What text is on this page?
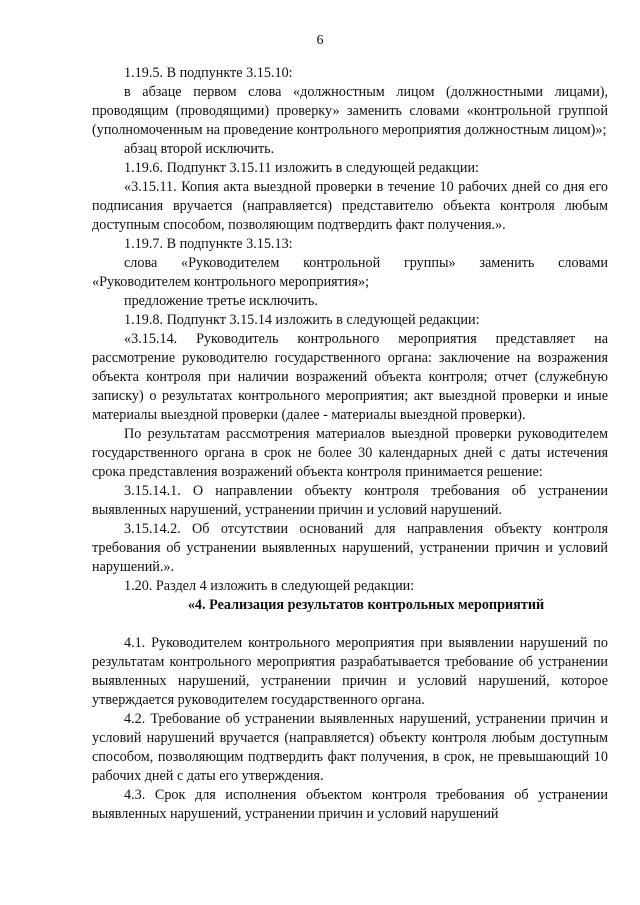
6

1.19.5. В подпункте 3.15.10:

в абзаце первом слова «должностным лицом (должностными лицами), проводящим (проводящими) проверку» заменить словами «контрольной группой (уполномоченным на проведение контрольного мероприятия должностным лицом)»;

абзац второй исключить.

1.19.6. Подпункт 3.15.11 изложить в следующей редакции:

«3.15.11. Копия акта выездной проверки в течение 10 рабочих дней со дня его подписания вручается (направляется) представителю объекта контроля любым доступным способом, позволяющим подтвердить факт получения.».

1.19.7. В подпункте 3.15.13:

слова «Руководителем контрольной группы» заменить словами «Руководителем контрольного мероприятия»;

предложение третье исключить.

1.19.8. Подпункт 3.15.14 изложить в следующей редакции:

«3.15.14. Руководитель контрольного мероприятия представляет на рассмотрение руководителю государственного органа: заключение на возражения объекта контроля при наличии возражений объекта контроля; отчет (служебную записку) о результатах контрольного мероприятия; акт выездной проверки и иные материалы выездной проверки (далее - материалы выездной проверки).

По результатам рассмотрения материалов выездной проверки руководителем государственного органа в срок не более 30 календарных дней с даты истечения срока представления возражений объекта контроля принимается решение:

3.15.14.1. О направлении объекту контроля требования об устранении выявленных нарушений, устранении причин и условий нарушений.

3.15.14.2. Об отсутствии оснований для направления объекту контроля требования об устранении выявленных нарушений, устранении причин и условий нарушений.».

1.20. Раздел 4 изложить в следующей редакции:

«4. Реализация результатов контрольных мероприятий

4.1. Руководителем контрольного мероприятия при выявлении нарушений по результатам контрольного мероприятия разрабатывается требование об устранении выявленных нарушений, устранении причин и условий нарушений, которое утверждается руководителем государственного органа.

4.2. Требование об устранении выявленных нарушений, устранении причин и условий нарушений вручается (направляется) объекту контроля любым доступным способом, позволяющим подтвердить факт получения, в срок, не превышающий 10 рабочих дней с даты его утверждения.

4.3. Срок для исполнения объектом контроля требования об устранении выявленных нарушений, устранении причин и условий нарушений
